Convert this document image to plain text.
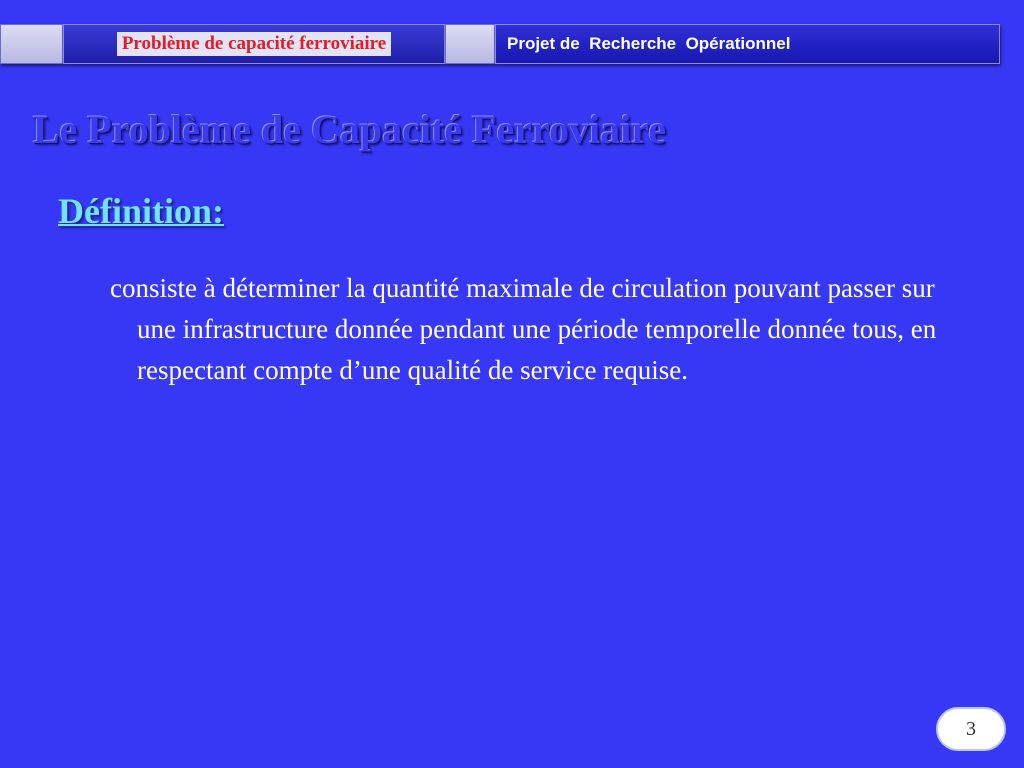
Problème de capacité ferroviaire	Projet de  Recherche  Opérationnel
Le Problème de Capacité Ferroviaire
Définition:

consiste à déterminer la quantité maximale de circulation pouvant passer sur une infrastructure donnée pendant une période temporelle donnée tous, en respectant compte d’une qualité de service requise.

3
